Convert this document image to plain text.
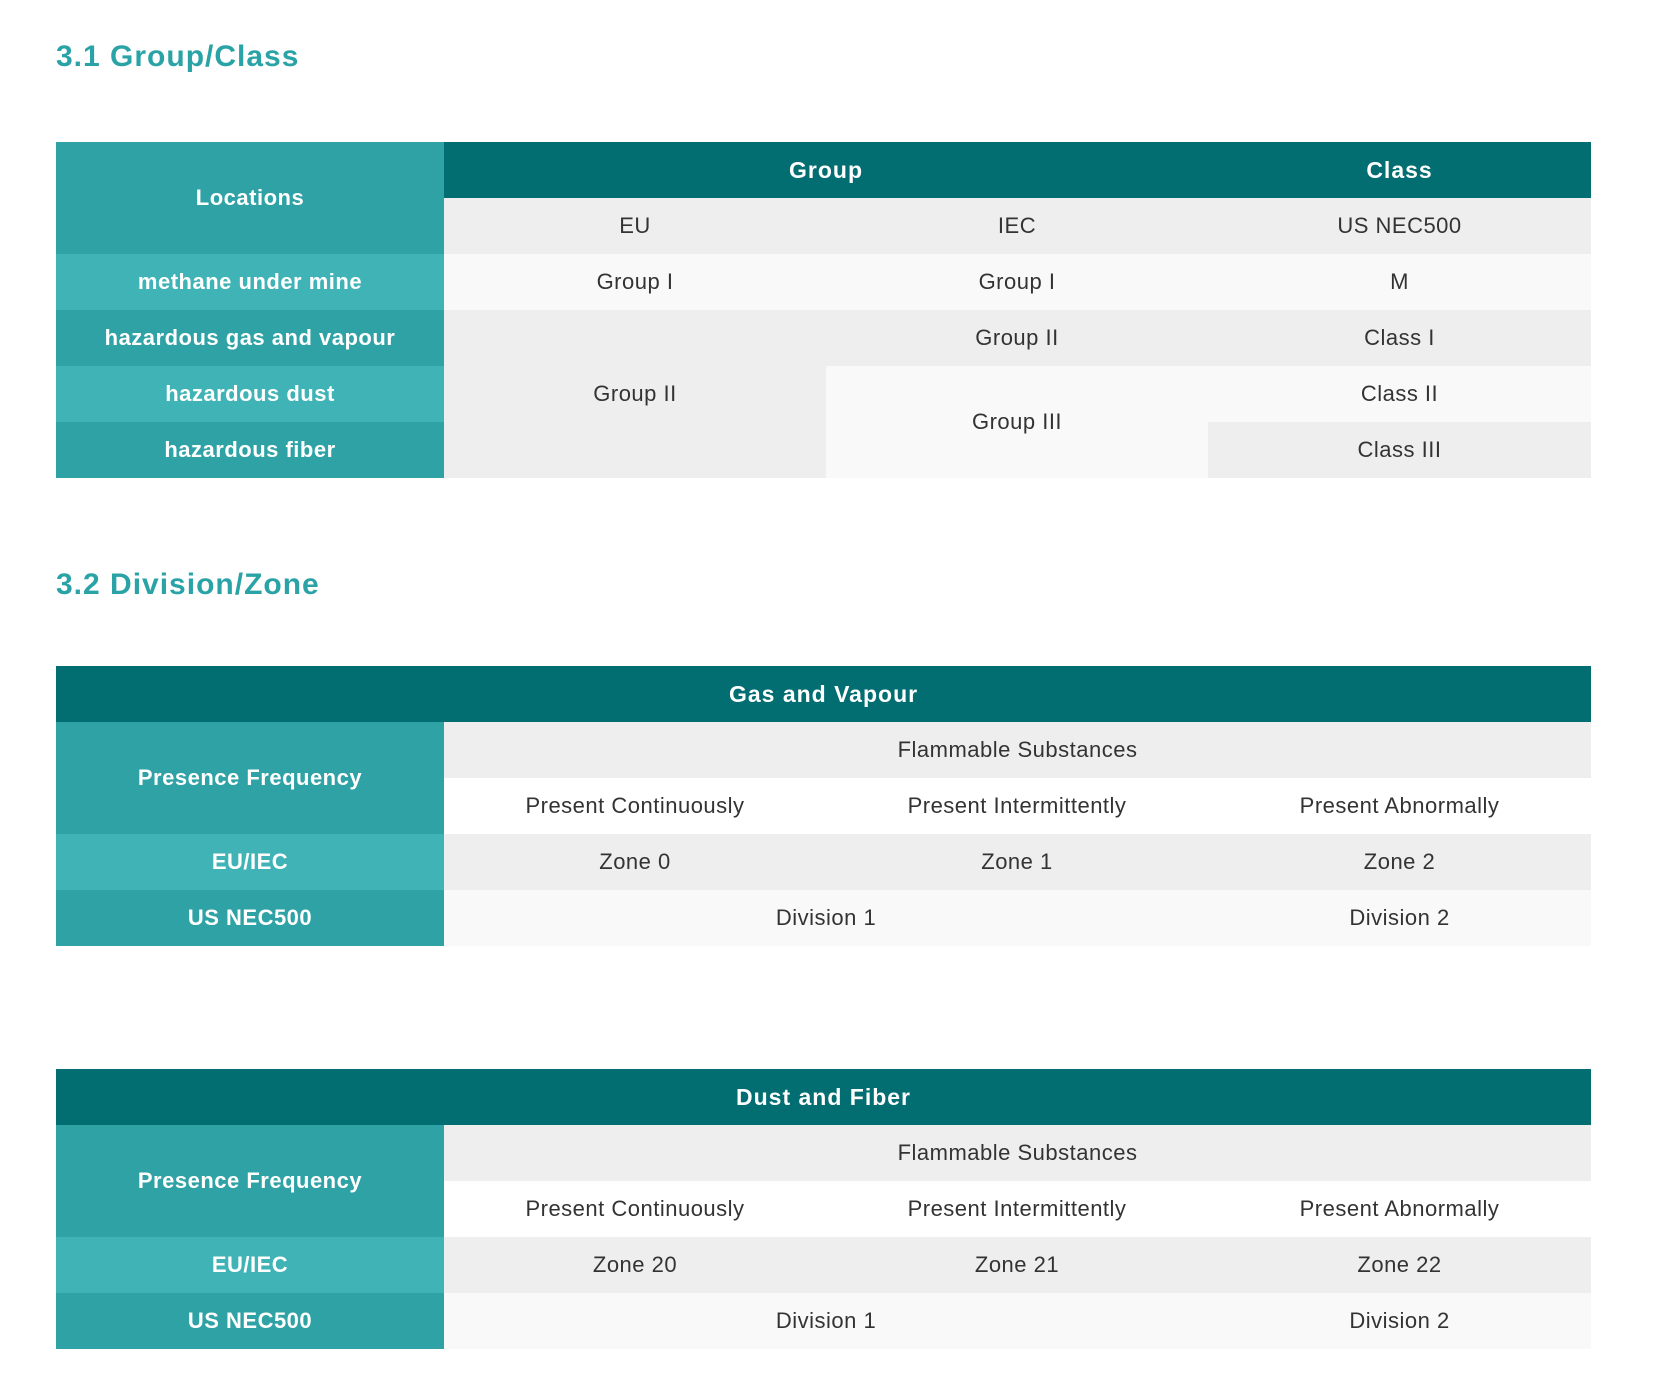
3.1 Group/Class
Locations	Group		Class
	EU	IEC	US NEC500
methane under mine	Group I	Group I	M
hazardous gas and vapour	Group II	Group II	Class I
hazardous dust		Group III	Class II
hazardous fiber			Class III
3.2 Division/Zone
Gas and Vapour			
Presence Frequency	Flammable Substances		
	Present Continuously	Present Intermittently	Present Abnormally
EU/IEC	Zone 0	Zone 1	Zone 2
US NEC500	Division 1		Division 2
Dust and Fiber			
Presence Frequency	Flammable Substances		
	Present Continuously	Present Intermittently	Present Abnormally
EU/IEC	Zone 20	Zone 21	Zone 22
US NEC500	Division 1		Division 2
